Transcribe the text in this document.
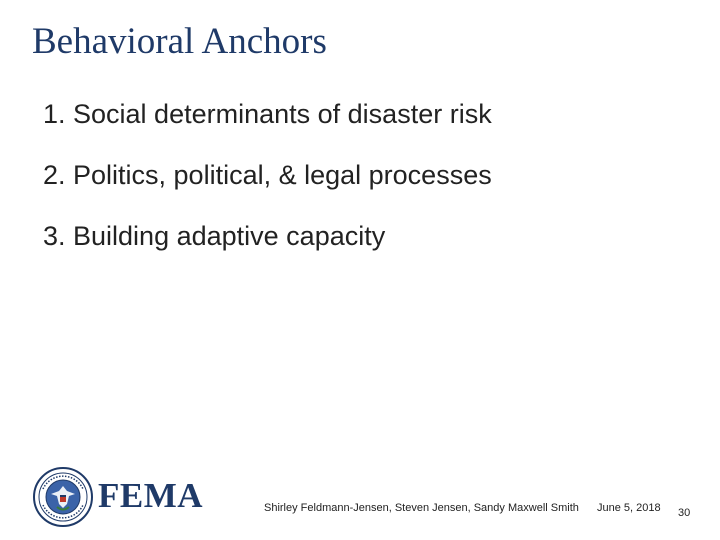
Behavioral Anchors
1. Social determinants of disaster risk
2. Politics, political, & legal processes
3. Building adaptive capacity
FEMA	Shirley Feldmann-Jensen, Steven Jensen, Sandy Maxwell Smith June 5, 2018 30
